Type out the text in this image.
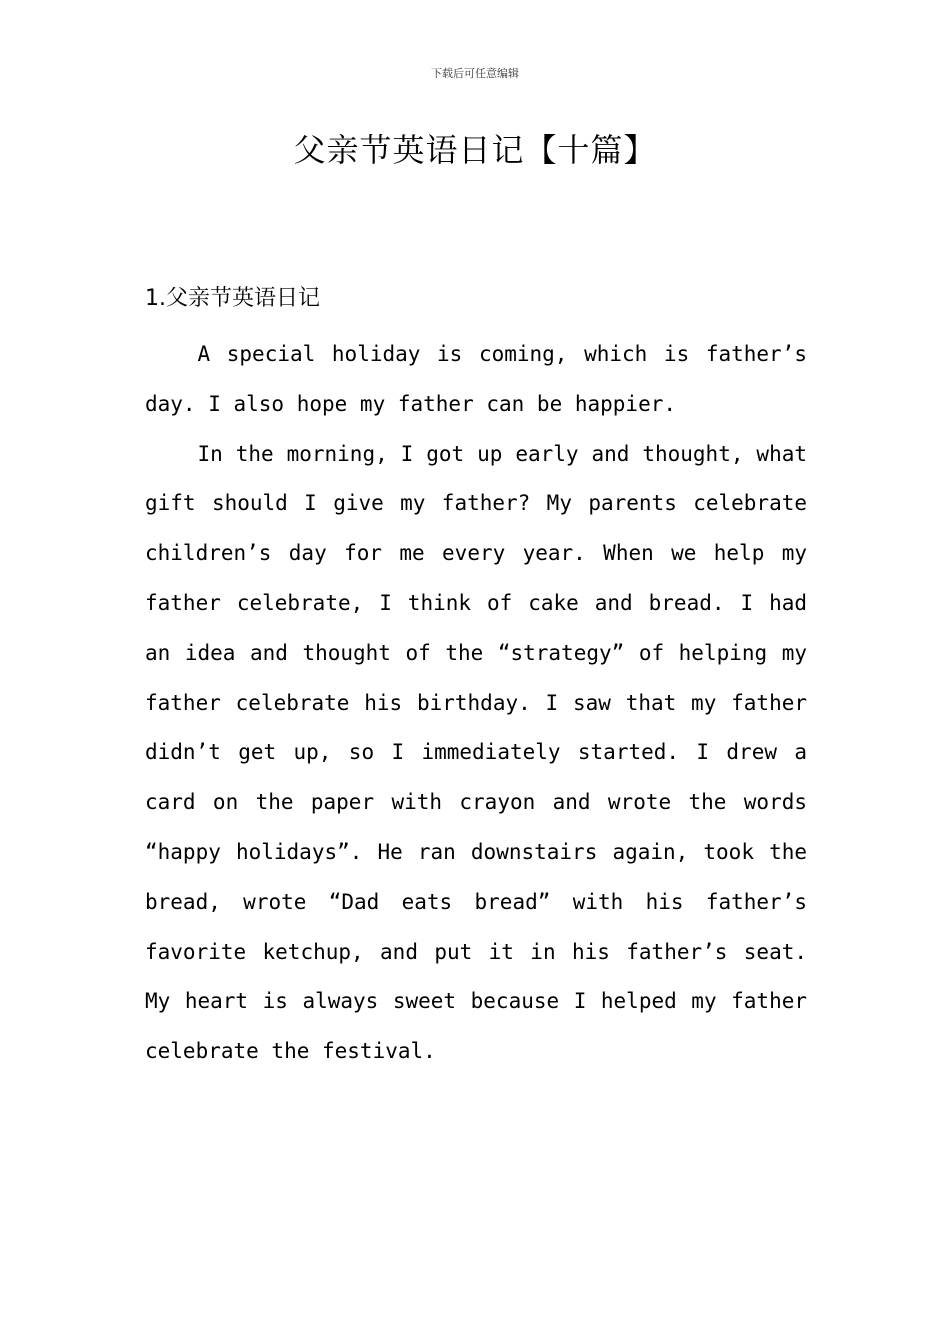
下载后可任意编辑
父亲节英语日记【十篇】
1.父亲节英语日记

A special holiday is coming, which is father’s day. I also hope my father can be happier.

In the morning, I got up early and thought, what gift should I give my father? My parents celebrate children’s day for me every year. When we help my father celebrate, I think of cake and bread. I had an idea and thought of the “strategy” of helping my father celebrate his birthday. I saw that my father didn’t get up, so I immediately started. I drew a card on the paper with crayon and wrote the words “happy holidays”. He ran downstairs again, took the bread, wrote “Dad eats bread” with his father’s favorite ketchup, and put it in his father’s seat. My heart is always sweet because I helped my father celebrate the festival.
